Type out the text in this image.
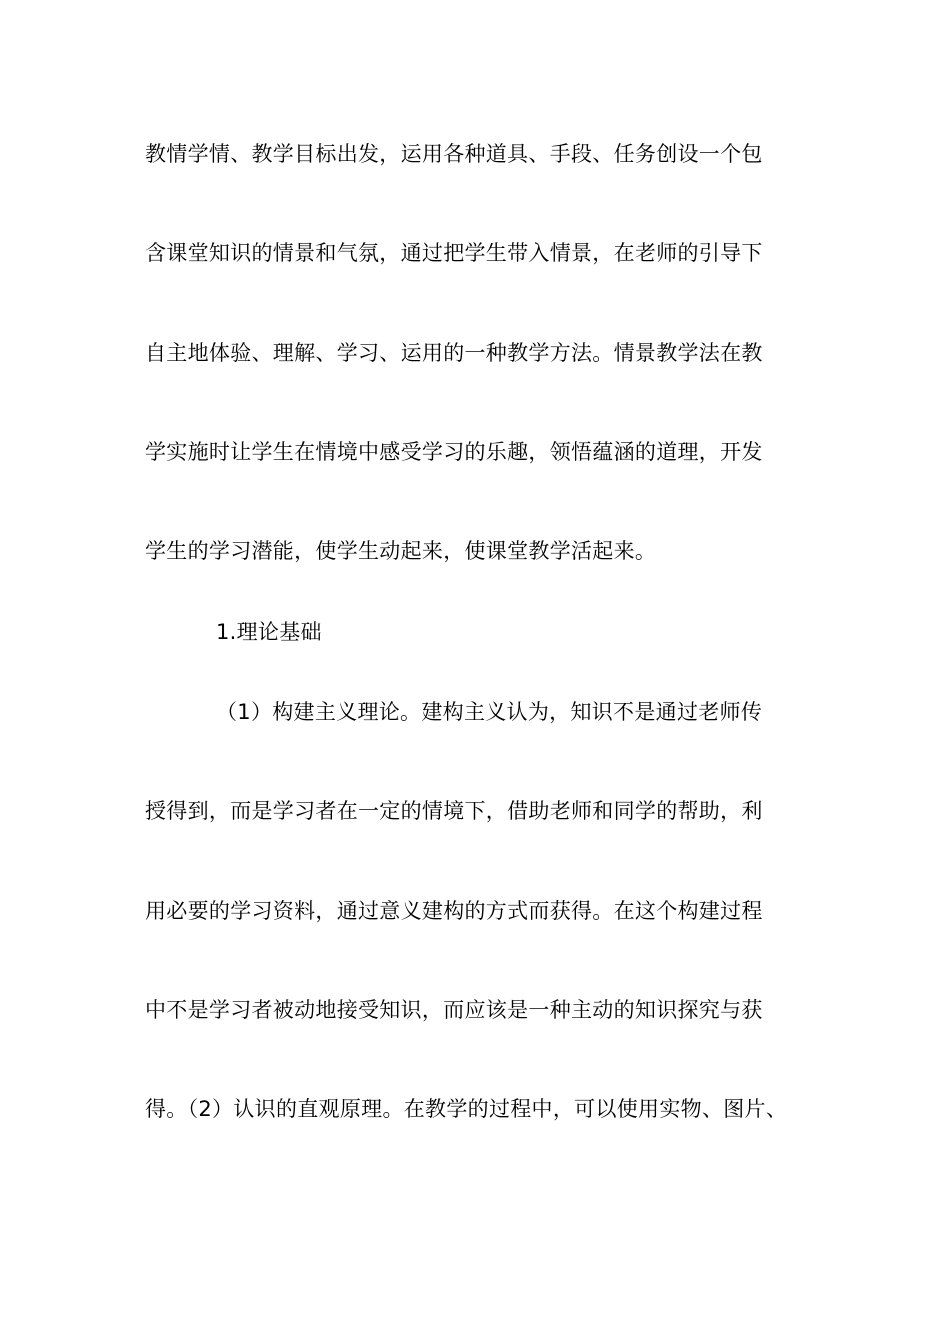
教情学情、教学目标出发，运用各种道具、手段、任务创设一个包
含课堂知识的情景和气氛，通过把学生带入情景，在老师的引导下
自主地体验、理解、学习、运用的一种教学方法。情景教学法在教
学实施时让学生在情境中感受学习的乐趣，领悟蕴涵的道理，开发
学生的学习潜能，使学生动起来，使课堂教学活起来。
1.理论基础
（1）构建主义理论。建构主义认为，知识不是通过老师传
授得到，而是学习者在一定的情境下，借助老师和同学的帮助，利
用必要的学习资料，通过意义建构的方式而获得。在这个构建过程
中不是学习者被动地接受知识，而应该是一种主动的知识探究与获
得。（2）认识的直观原理。在教学的过程中，可以使用实物、图片、
